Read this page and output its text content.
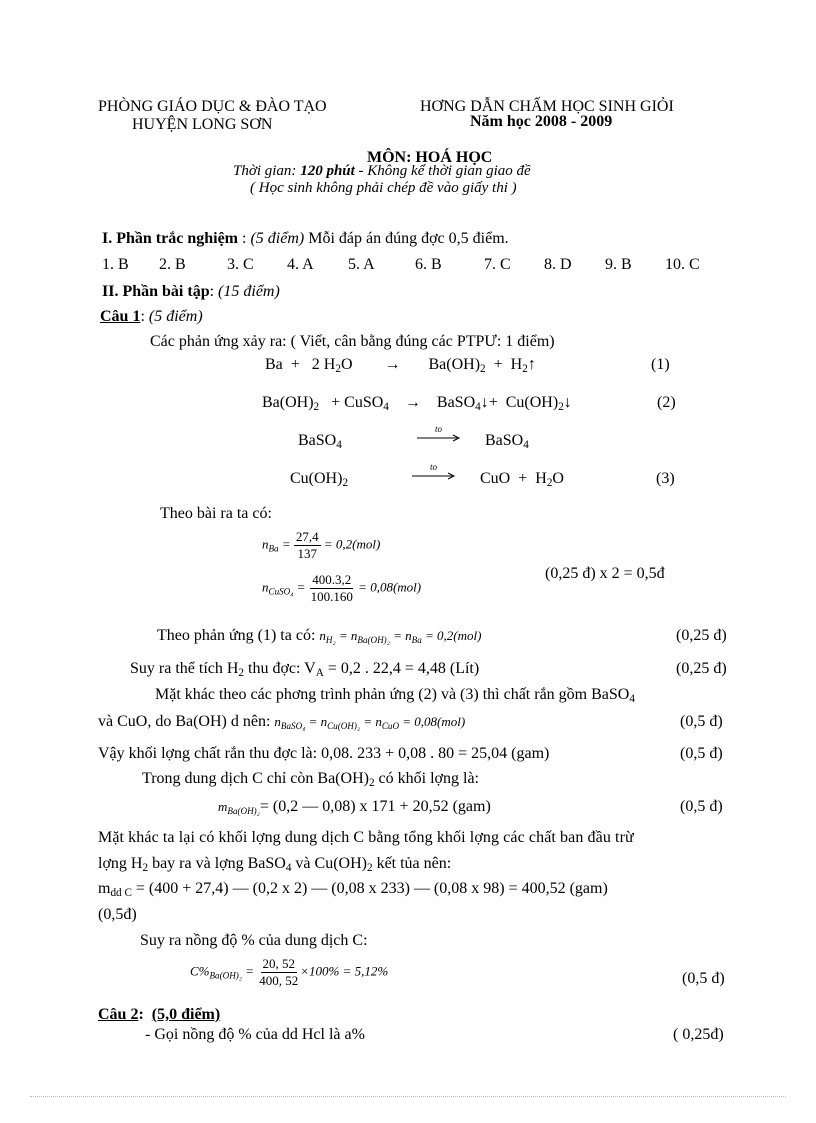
PHÒNG GIÁO DỤC & ĐÀO TẠO
HUYỆN LONG SƠN
HƠNG DẪN CHẤM HỌC SINH GIỎI
Năm học 2008 - 2009
MÔN: HOÁ HỌC
Thời gian: 120 phút - Không kể thời gian giao đề
( Học sinh không phải chép đề vào giấy thi )
I. Phần trắc nghiệm : (5 điểm) Mỗi đáp án đúng đợc 0,5 điểm.
1. B	2. B	3. C	4. A	5. A	6. B	7. C	8. D	9. B	10. C
II. Phần bài tập: (15 điểm)
Câu 1: (5 điểm)
Các phản ứng xảy ra: ( Viết, cân bằng đúng các PTPƯ: 1 điểm)
Ba  +   2 $H_2O$        →       $Ba(OH)_2$  +  $H_2↑$	(1)
$Ba(OH)_2$   + CuSO$_4$    →    BaSO$_4$↓+  $Cu(OH)_2↓$	(2)
BaSO$_4$
to
BaSO$_4$
$Cu(OH)_2$
to
CuO  +  $H_2O$	(3)
Theo bài ra ta có:
$n_{Ba} = \frac{27,4}{137} = 0,2(mol)$
$n_{CuSO_4} = \frac{400.3,2}{100.160} = 0,08(mol)$
(0,25 đ) x 2 = 0,5đ
Theo phản ứng (1) ta có: $n_{H_2} = n_{Ba(OH)_2} = n_{Ba} = 0,2(mol)$	(0,25 đ)
Suy ra thể tích $H_2$ thu đợc: $V_A = 0,2$ . 22,4 = 4,48 (Lít)	(0,25 đ)
Mặt khác theo các phơng trình phản ứng (2) và (3) thì chất rắn gồm BaSO$_4$
và CuO, do Ba(OH) d nên: $n_{BaSO_4} = n_{Cu(OH)_2} = n_{CuO} = 0,08(mol)$	(0,5 đ)
Vậy khối lợng chất rắn thu đợc là: 0,08. 233 + 0,08 . 80 = 25,04 (gam)	(0,5 đ)
Trong dung dịch C chỉ còn $Ba(OH)_2$ có khối lợng là:
$m_{Ba(OH)_2}= (0,2$ — 0,08) x 171 + 20,52 (gam)	(0,5 đ)
Mặt khác ta lại có khối lợng dung dịch C bằng tổng khối lợng các chất ban đầu trừ
lợng $H_2$ bay ra và lợng BaSO$_4$ và $Cu(OH)_2$ kết tủa nên:
$m_{dd C} = (400 + 27,4)$ — (0,2 x 2) — (0,08 x 233) — (0,08 x 98) = 400,52 (gam)
(0,5đ)
Suy ra nồng độ % của dung dịch C:
$C\%_{Ba(OH)_2} = \frac{20, 52}{400, 52} \times 100\% = 5,12\%$	(0,5 đ)
Câu 2:  (5,0 điểm)
- Gọi nồng độ % của dd Hcl là a%	( 0,25đ)
